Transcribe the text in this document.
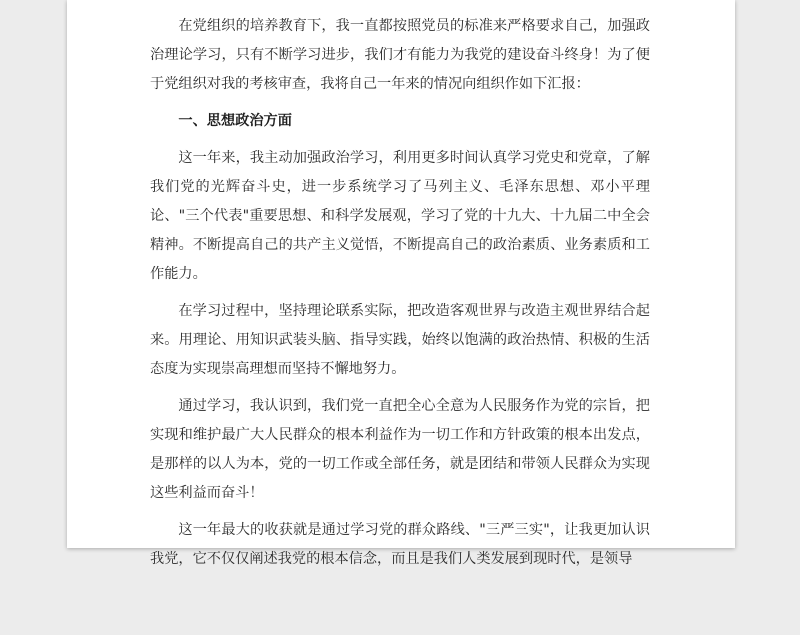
在党组织的培养教育下，我一直都按照党员的标准来严格要求自己，加强政治理论学习，只有不断学习进步，我们才有能力为我党的建设奋斗终身！为了便于党组织对我的考核审查，我将自己一年来的情况向组织作如下汇报：

一、思想政治方面

这一年来，我主动加强政治学习，利用更多时间认真学习党史和党章，了解我们党的光辉奋斗史，进一步系统学习了马列主义、毛泽东思想、邓小平理论、"三个代表"重要思想、和科学发展观，学习了党的十九大、十九届二中全会精神。不断提高自己的共产主义觉悟，不断提高自己的政治素质、业务素质和工作能力。

在学习过程中，坚持理论联系实际，把改造客观世界与改造主观世界结合起来。用理论、用知识武装头脑、指导实践，始终以饱满的政治热情、积极的生活态度为实现崇高理想而坚持不懈地努力。

通过学习，我认识到，我们党一直把全心全意为人民服务作为党的宗旨，把实现和维护最广大人民群众的根本利益作为一切工作和方针政策的根本出发点，是那样的以人为本，党的一切工作或全部任务，就是团结和带领人民群众为实现这些利益而奋斗！

这一年最大的收获就是通过学习党的群众路线、"三严三实"，让我更加认识我党，它不仅仅阐述我党的根本信念，而且是我们人类发展到现时代，是领导
